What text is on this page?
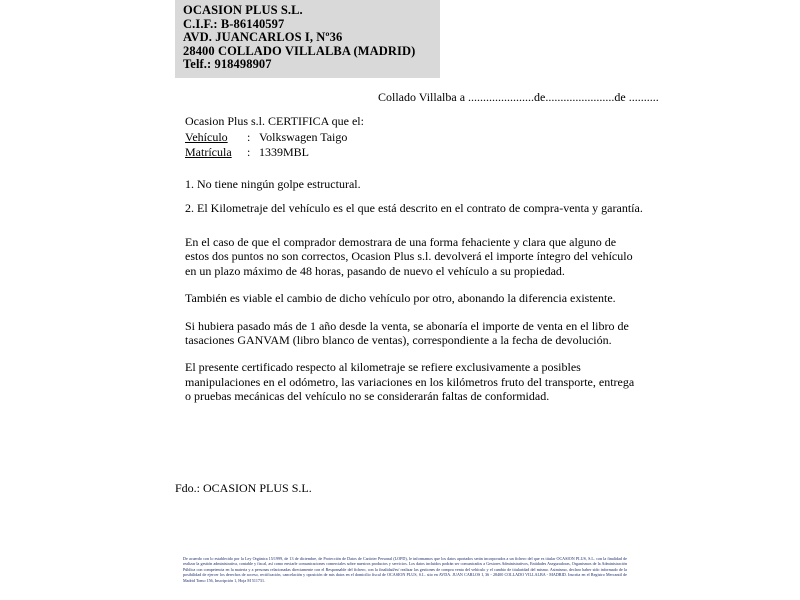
OCASION PLUS S.L.
C.I.F.: B-86140597
AVD. JUANCARLOS I, Nº36
28400 COLLADO VILLALBA (MADRID)
Telf.: 918498907
Collado Villalba a ......................de.......................de ..........
Ocasion Plus s.l. CERTIFICA que el:
Vehículo	: Volkswagen Taigo
Matrícula	: 1339MBL
1. No tiene ningún golpe estructural.
2. El Kilometraje del vehículo es el que está descrito en el contrato de compra-venta y garantía.

En el caso de que el comprador demostrara de una forma fehaciente y clara que alguno de estos dos puntos no son correctos, Ocasion Plus s.l. devolverá el importe íntegro del vehículo en un plazo máximo de 48 horas, pasando de nuevo el vehículo a su propiedad.

También es viable el cambio de dicho vehículo por otro, abonando la diferencia existente.

Si hubiera pasado más de 1 año desde la venta, se abonaría el importe de venta en el libro de tasaciones GANVAM (libro blanco de ventas), correspondiente a la fecha de devolución.

El presente certificado respecto al kilometraje se refiere exclusivamente a posibles manipulaciones en el odómetro, las variaciones en los kilómetros fruto del transporte, entrega o pruebas mecánicas del vehículo no se considerarán faltas de conformidad.

Fdo.: OCASION PLUS S.L.

De acuerdo con lo establecido por la Ley Orgánica 15/1999, de 13 de diciembre, de Protección de Datos de Carácter Personal (LOPD), le informamos que los datos aportados serán incorporados a un fichero del que es titular OCASION PLUS, S.L. con la finalidad de realizar la gestión administrativa, contable y fiscal, así como enviarle comunicaciones comerciales sobre nuestros productos y servicios. Los datos incluidos podrán ser comunicados a Gestores Administrativos, Entidades Aseguradoras, Organismos de la Administración Pública con competencia en la materia y a personas relacionadas directamente con el Responsable del fichero, con la finalidad/es/ realizar las gestiones de compra venta del vehículo y el cambio de titularidad del mismo. Asimismo, declaro haber sido informado de la posibilidad de ejercer los derechos de acceso, rectificación, cancelación y oposición de mis datos en el domicilio fiscal de OCASION PLUS, S.L. sito en AVDA. JUAN CARLOS I, 36 - 28400 COLLADO VILLALBA - MADRID. Inscrita en el Registro Mercantil de Madrid Tomo 156, Inscripción 1, Hoja M 511731.
